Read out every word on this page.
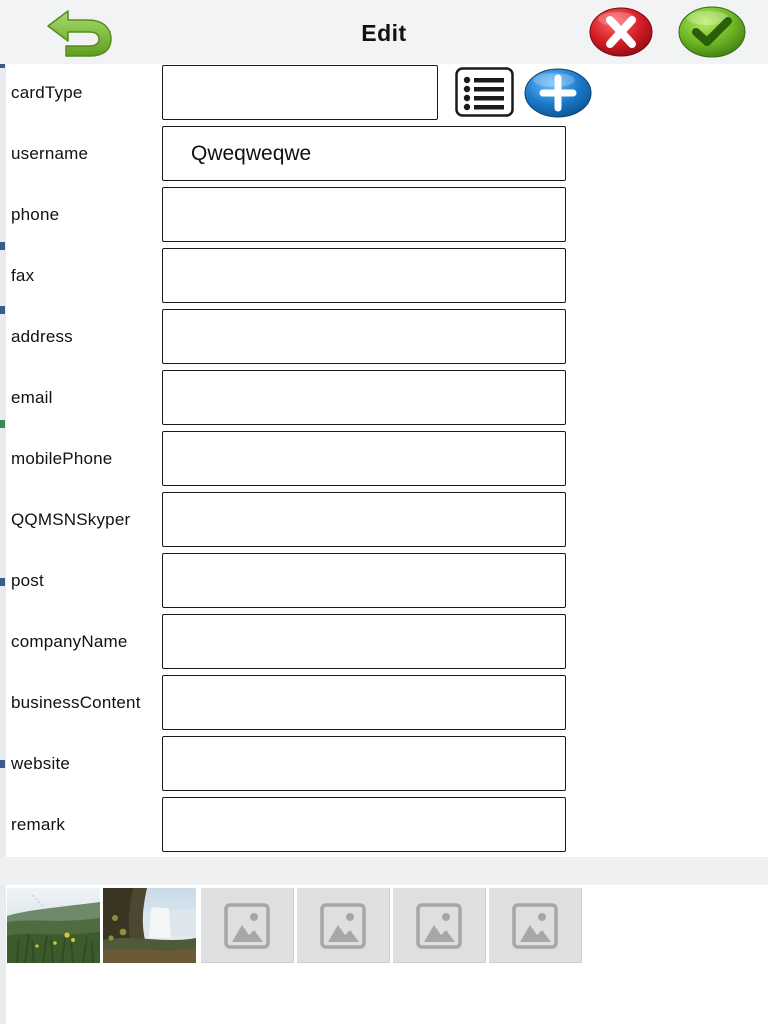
Edit
cardType
username
Qweqweqwe
phone
fax
address
email
mobilePhone
QQMSNSkyper
post
companyName
businessContent
website
remark
